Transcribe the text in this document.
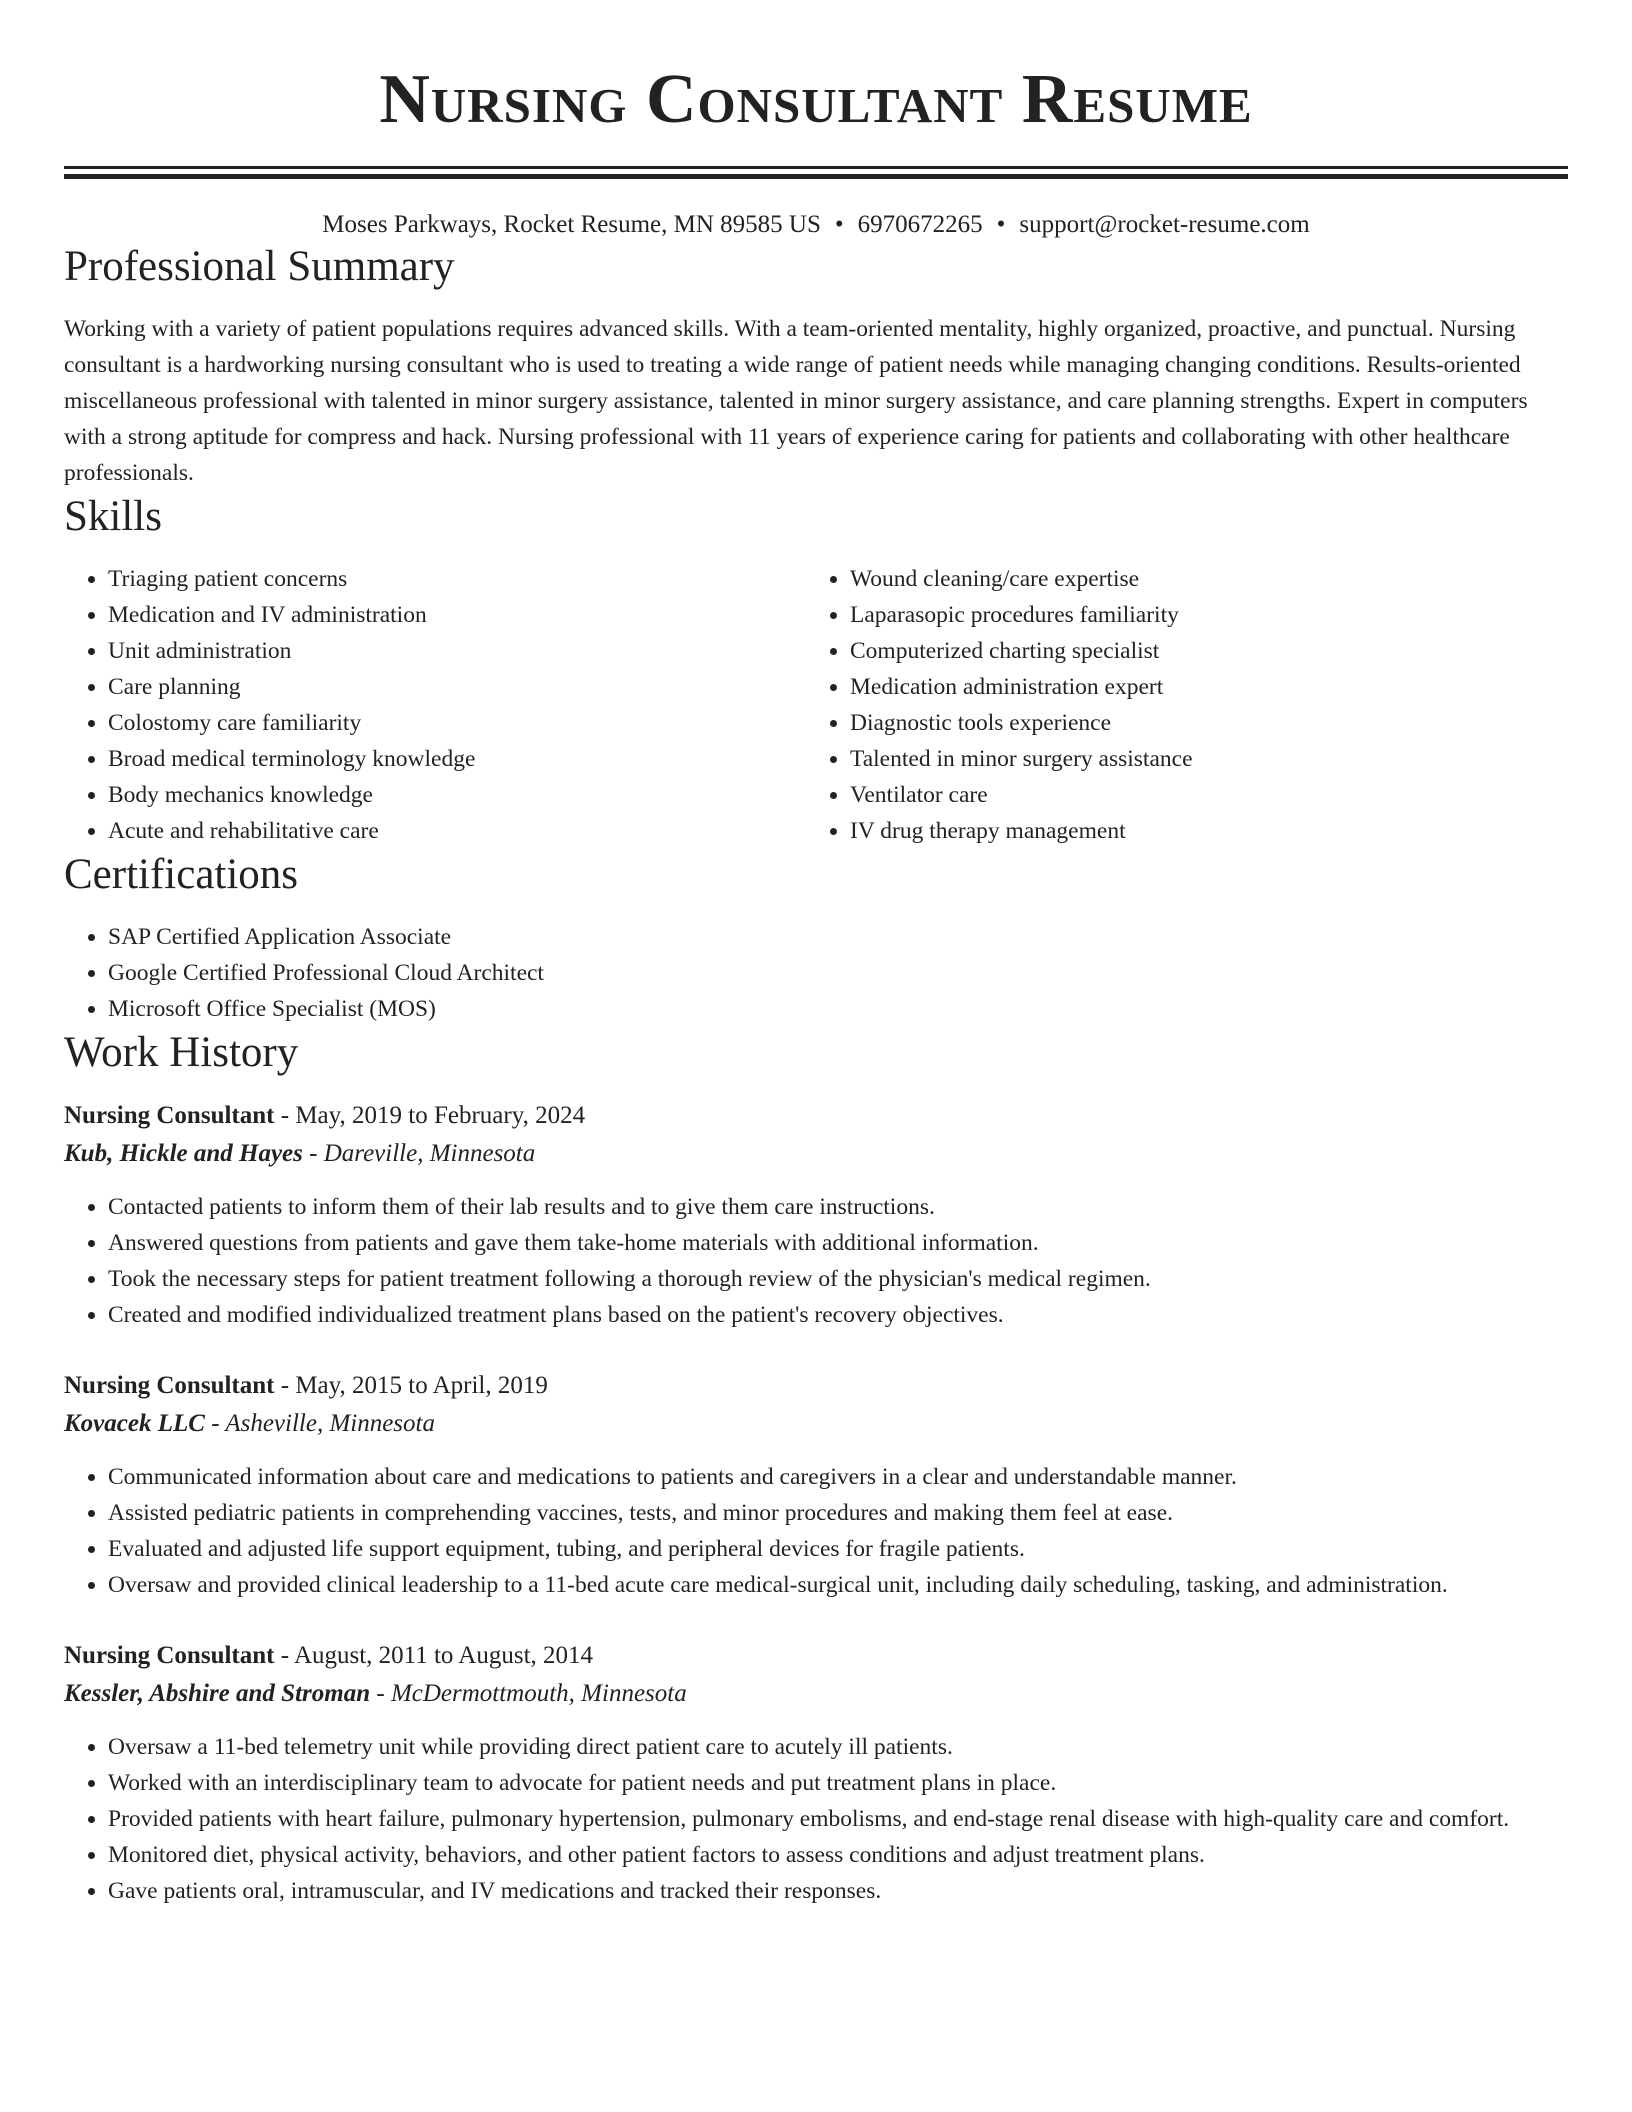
Nursing Consultant Resume
Moses Parkways, Rocket Resume, MN 89585 US • 6970672265 • support@rocket-resume.com
Professional Summary

Working with a variety of patient populations requires advanced skills. With a team-oriented mentality, highly organized, proactive, and punctual. Nursing consultant is a hardworking nursing consultant who is used to treating a wide range of patient needs while managing changing conditions. Results-oriented miscellaneous professional with talented in minor surgery assistance, talented in minor surgery assistance, and care planning strengths. Expert in computers with a strong aptitude for compress and hack. Nursing professional with 11 years of experience caring for patients and collaborating with other healthcare professionals.

Skills
• Triaging patient concerns
• Medication and IV administration
• Unit administration
• Care planning
• Colostomy care familiarity
• Broad medical terminology knowledge
• Body mechanics knowledge
• Acute and rehabilitative care
• Wound cleaning/care expertise
• Laparasopic procedures familiarity
• Computerized charting specialist
• Medication administration expert
• Diagnostic tools experience
• Talented in minor surgery assistance
• Ventilator care
• IV drug therapy management
Certifications
• SAP Certified Application Associate
• Google Certified Professional Cloud Architect
• Microsoft Office Specialist (MOS)
Work History
Nursing Consultant - May, 2019 to February, 2024
Kub, Hickle and Hayes - Dareville, Minnesota
• Contacted patients to inform them of their lab results and to give them care instructions.
• Answered questions from patients and gave them take-home materials with additional information.
• Took the necessary steps for patient treatment following a thorough review of the physician's medical regimen.
• Created and modified individualized treatment plans based on the patient's recovery objectives.
Nursing Consultant - May, 2015 to April, 2019
Kovacek LLC - Asheville, Minnesota
• Communicated information about care and medications to patients and caregivers in a clear and understandable manner.
• Assisted pediatric patients in comprehending vaccines, tests, and minor procedures and making them feel at ease.
• Evaluated and adjusted life support equipment, tubing, and peripheral devices for fragile patients.
• Oversaw and provided clinical leadership to a 11-bed acute care medical-surgical unit, including daily scheduling, tasking, and administration.
Nursing Consultant - August, 2011 to August, 2014
Kessler, Abshire and Stroman - McDermottmouth, Minnesota
• Oversaw a 11-bed telemetry unit while providing direct patient care to acutely ill patients.
• Worked with an interdisciplinary team to advocate for patient needs and put treatment plans in place.
• Provided patients with heart failure, pulmonary hypertension, pulmonary embolisms, and end-stage renal disease with high-quality care and comfort.
• Monitored diet, physical activity, behaviors, and other patient factors to assess conditions and adjust treatment plans.
• Gave patients oral, intramuscular, and IV medications and tracked their responses.
